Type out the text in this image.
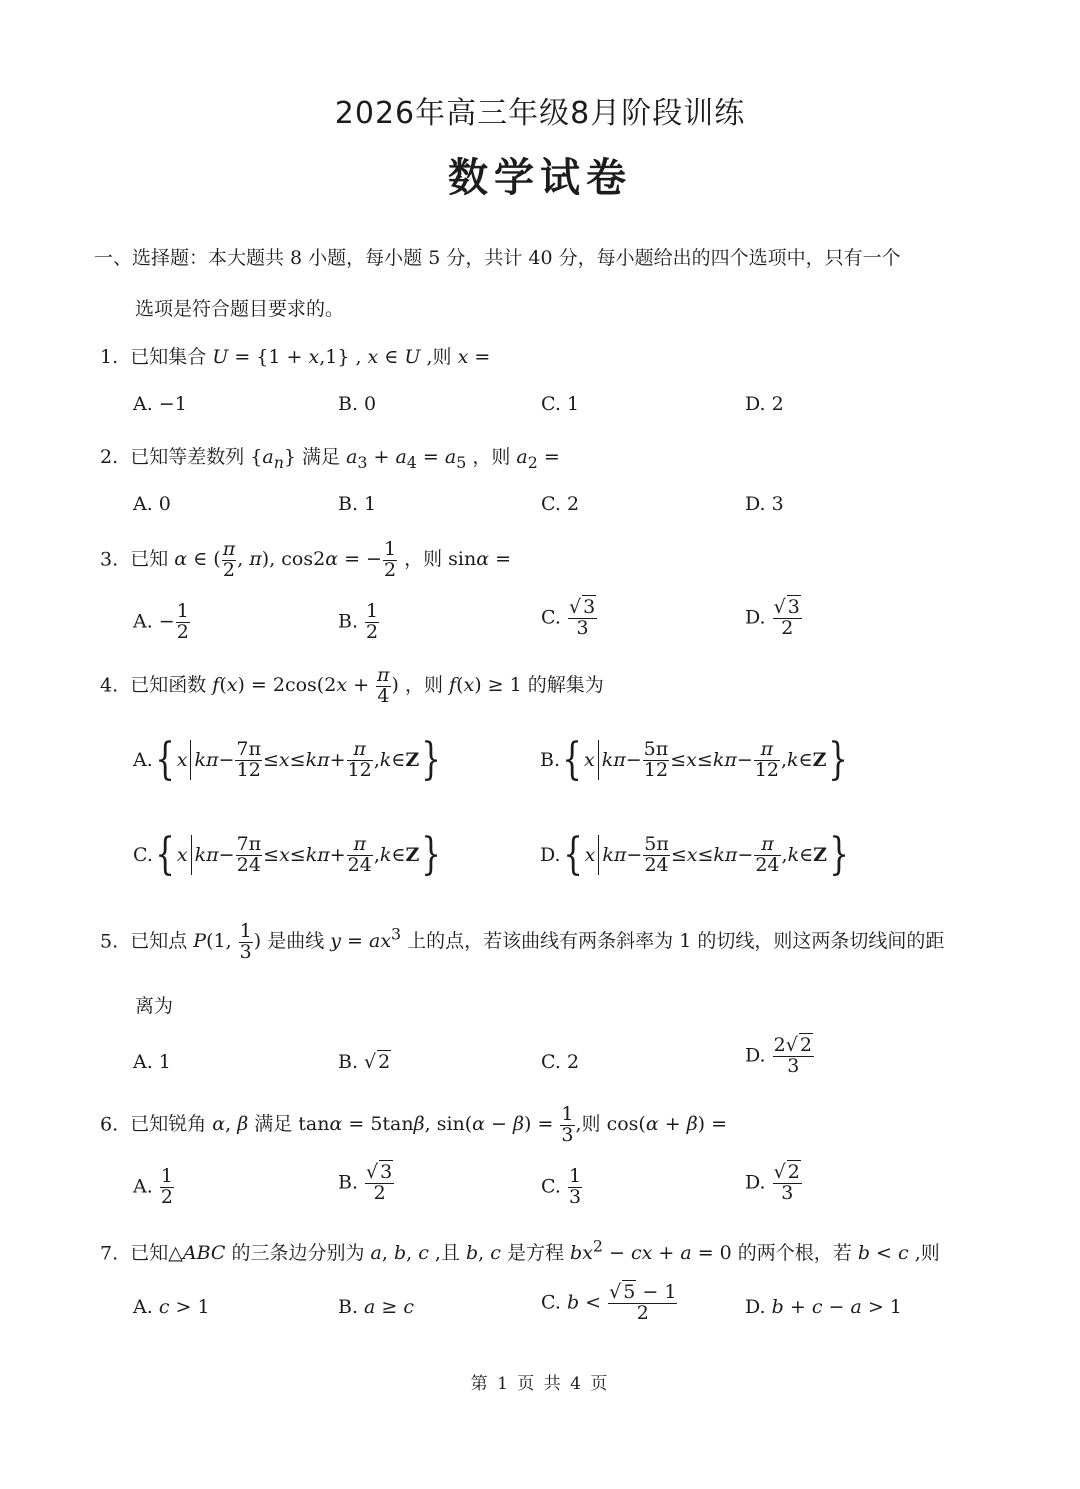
2026年高三年级8月阶段训练
数学试卷
一、选择题：本大题共 8 小题，每小题 5 分，共计 40 分，每小题给出的四个选项中，只有一个
选项是符合题目要求的。
1.  已知集合 U = {1 + x,1} , x ∈ U ,则 x =
A. −1	B. 0	C. 1	D. 2
2.  已知等差数列 $\{a_n\}$ 满足 $a_3 + a_4 = a_5$ ，则 $a_2$ =
A. 0	B. 1	C. 2	D. 3
3.  已知 α ∈ ( $\frac{\pi}{2}$ , π), cos2α = − $\frac{1}{2}$ ，则 sinα =
A. − $\frac{1}{2}$	B. $\frac{1}{2}$	C. $\frac{√ 3}{3}$	D. $\frac{√ 3}{2}$
4.  已知函数 $f(x) = 2\cos(2x + \frac{\pi}{4}$ ) ，则 f(x) ≥ 1 的解集为
A. { x $k\pi - \frac{7\pi}{12} \le x \le k\pi + \frac{\pi}{12}$ , k ∈ Z }	B. { x $k\pi - \frac{5\pi}{12} \le x \le k\pi - \frac{\pi}{12}$ , k ∈ Z }
C. { x $k\pi - \frac{7\pi}{24} \le x \le k\pi + \frac{\pi}{24}$ , k ∈ Z }	D. { x $k\pi - \frac{5\pi}{24} \le x \le k\pi - \frac{\pi}{24}$ , k ∈ Z }
5.  已知点 P(1, $\frac{1}{3}$ ) 是曲线 $y = ax^3$ 上的点，若该曲线有两条斜率为 1 的切线，则这两条切线间的距
离为
A. 1	B. √ 2	C. 2	D. $\frac{2√ 2}{3}$
6.  已知锐角 α, β 满足 tanα = 5tanβ, $\sin(\alpha - \beta) = \frac{1}{3}$ ,则 cos(α + β) =
A. $\frac{1}{2}$	B. $\frac{√ 3}{2}$	C. $\frac{1}{3}$	D. $\frac{√ 2}{3}$
7.  已知△ABC 的三条边分别为 a, b, c ,且 b, c 是方程 $bx^2$ − cx + a = 0 的两个根，若 b < c ,则
A. c > 1	B. a ≥ c	C. $b < \frac{√ 5 - 1}{2}$	D. b + c − a > 1
第 1 页 共 4 页
